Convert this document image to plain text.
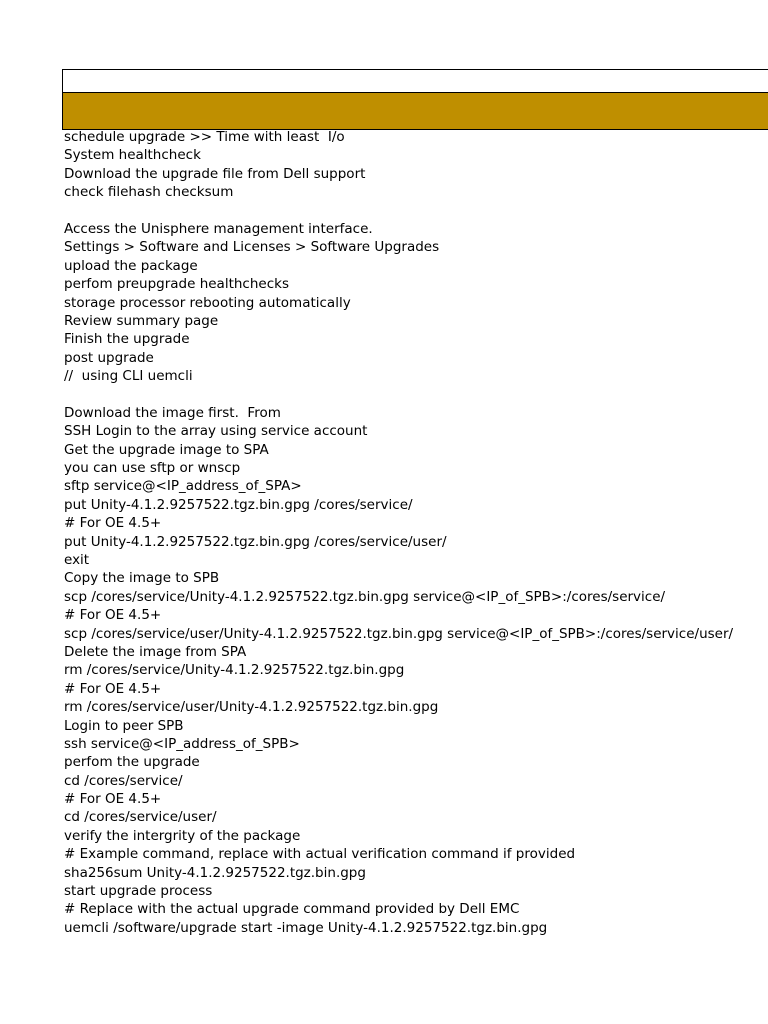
schedule upgrade >> Time with least  I/o
System healthcheck
Download the upgrade file from Dell support
check filehash checksum
Access the Unisphere management interface.
Settings > Software and Licenses > Software Upgrades
upload the package
perfom preupgrade healthchecks
storage processor rebooting automatically
Review summary page
Finish the upgrade
post upgrade
//  using CLI uemcli
Download the image first.  From
SSH Login to the array using service account
Get the upgrade image to SPA
you can use sftp or wnscp
sftp service@<IP_address_of_SPA>
put Unity-4.1.2.9257522.tgz.bin.gpg /cores/service/
# For OE 4.5+
put Unity-4.1.2.9257522.tgz.bin.gpg /cores/service/user/
exit
Copy the image to SPB
scp /cores/service/Unity-4.1.2.9257522.tgz.bin.gpg service@<IP_of_SPB>:/cores/service/
# For OE 4.5+
scp /cores/service/user/Unity-4.1.2.9257522.tgz.bin.gpg service@<IP_of_SPB>:/cores/service/user/
Delete the image from SPA
rm /cores/service/Unity-4.1.2.9257522.tgz.bin.gpg
# For OE 4.5+
rm /cores/service/user/Unity-4.1.2.9257522.tgz.bin.gpg
Login to peer SPB
ssh service@<IP_address_of_SPB>
perfom the upgrade
cd /cores/service/
# For OE 4.5+
cd /cores/service/user/
verify the intergrity of the package
# Example command, replace with actual verification command if provided
sha256sum Unity-4.1.2.9257522.tgz.bin.gpg
start upgrade process
# Replace with the actual upgrade command provided by Dell EMC
uemcli /software/upgrade start -image Unity-4.1.2.9257522.tgz.bin.gpg
